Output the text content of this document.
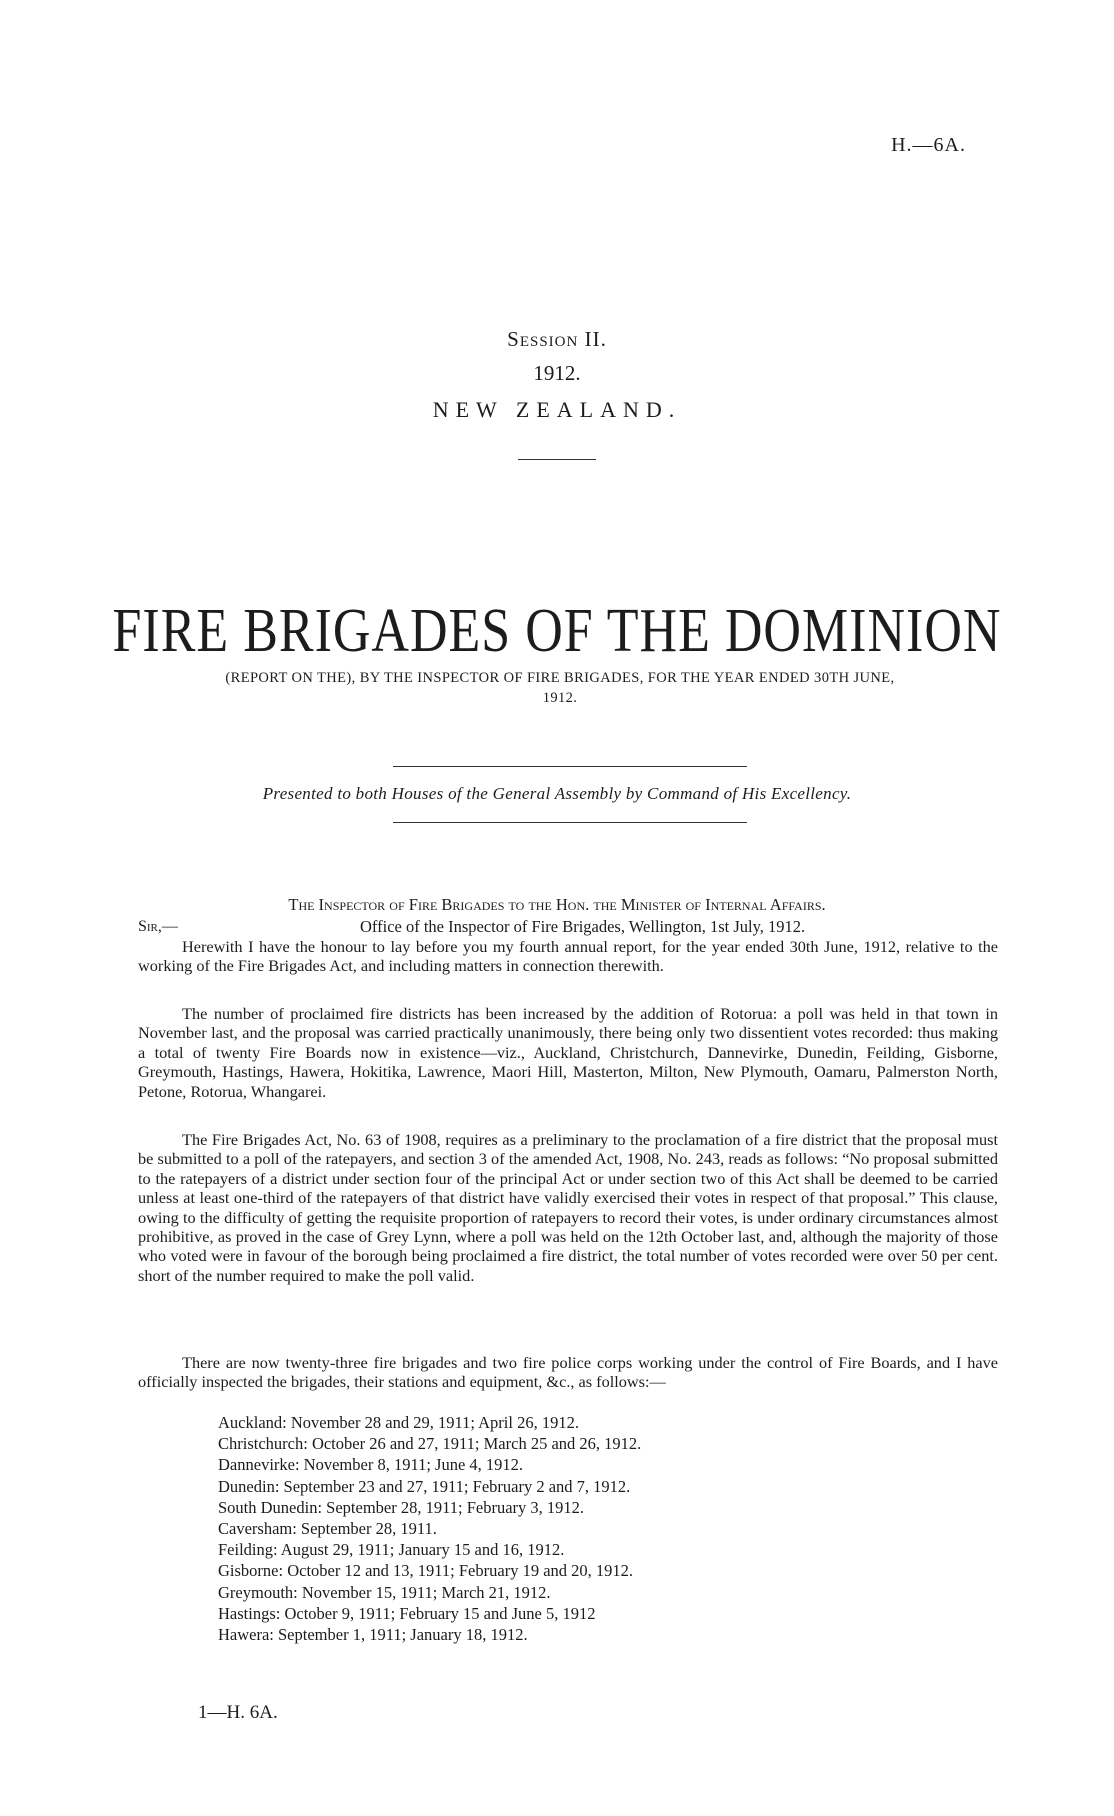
H.—6A.
Session II.
1912.
NEW ZEALAND.
FIRE BRIGADES OF THE DOMINION
(REPORT ON THE), BY THE INSPECTOR OF FIRE BRIGADES, FOR THE YEAR ENDED 30TH JUNE, 1912.
Presented to both Houses of the General Assembly by Command of His Excellency.
The Inspector of Fire Brigades to the Hon. the Minister of Internal Affairs.
Sir,—	Office of the Inspector of Fire Brigades, Wellington, 1st July, 1912.

Herewith I have the honour to lay before you my fourth annual report, for the year ended 30th June, 1912, relative to the working of the Fire Brigades Act, and including matters in connection therewith.

The number of proclaimed fire districts has been increased by the addition of Rotorua: a poll was held in that town in November last, and the proposal was carried practically unanimously, there being only two dissentient votes recorded: thus making a total of twenty Fire Boards now in existence—viz., Auckland, Christchurch, Dannevirke, Dunedin, Feilding, Gisborne, Greymouth, Hastings, Hawera, Hokitika, Lawrence, Maori Hill, Masterton, Milton, New Plymouth, Oamaru, Palmerston North, Petone, Rotorua, Whangarei.

The Fire Brigades Act, No. 63 of 1908, requires as a preliminary to the proclamation of a fire district that the proposal must be submitted to a poll of the ratepayers, and section 3 of the amended Act, 1908, No. 243, reads as follows: “No proposal submitted to the ratepayers of a district under section four of the principal Act or under section two of this Act shall be deemed to be carried unless at least one-third of the ratepayers of that district have validly exercised their votes in respect of that proposal.” This clause, owing to the difficulty of getting the requisite proportion of ratepayers to record their votes, is under ordinary circumstances almost prohibitive, as proved in the case of Grey Lynn, where a poll was held on the 12th October last, and, although the majority of those who voted were in favour of the borough being proclaimed a fire district, the total number of votes recorded were over 50 per cent. short of the number required to make the poll valid.

There are now twenty-three fire brigades and two fire police corps working under the control of Fire Boards, and I have officially inspected the brigades, their stations and equipment, &c., as follows:—

Auckland: November 28 and 29, 1911; April 26, 1912.
Christchurch: October 26 and 27, 1911; March 25 and 26, 1912.
Dannevirke: November 8, 1911; June 4, 1912.
Dunedin: September 23 and 27, 1911; February 2 and 7, 1912.
South Dunedin: September 28, 1911; February 3, 1912.
Caversham: September 28, 1911.
Feilding: August 29, 1911; January 15 and 16, 1912.
Gisborne: October 12 and 13, 1911; February 19 and 20, 1912.
Greymouth: November 15, 1911; March 21, 1912.
Hastings: October 9, 1911; February 15 and June 5, 1912
Hawera: September 1, 1911; January 18, 1912.
1—H. 6A.
